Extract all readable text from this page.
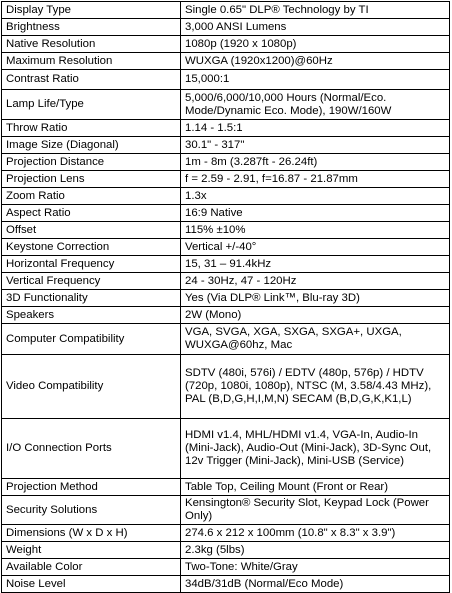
Display Type	Single 0.65" DLP® Technology by TI
Brightness	3,000 ANSI Lumens
Native Resolution	1080p (1920 x 1080p)
Maximum Resolution	WUXGA (1920x1200)@60Hz
Contrast Ratio	15,000:1
Lamp Life/Type	5,000/6,000/10,000 Hours (Normal/Eco. Mode/Dynamic Eco. Mode), 190W/160W
Throw Ratio	1.14 - 1.5:1
Image Size (Diagonal)	30.1" - 317"
Projection Distance	1m - 8m (3.287ft - 26.24ft)
Projection Lens	f = 2.59 - 2.91, f=16.87 - 21.87mm
Zoom Ratio	1.3x
Aspect Ratio	16:9 Native
Offset	115% ±10%
Keystone Correction	Vertical +/-40°
Horizontal Frequency	15, 31 – 91.4kHz
Vertical Frequency	24 - 30Hz, 47 - 120Hz
3D Functionality	Yes (Via DLP® Link™, Blu-ray 3D)
Speakers	2W (Mono)
Computer Compatibility	VGA, SVGA, XGA, SXGA, SXGA+, UXGA, WUXGA@60hz, Mac
Video Compatibility	SDTV (480i, 576i) / EDTV (480p, 576p) / HDTV (720p, 1080i, 1080p), NTSC (M, 3.58/4.43 MHz), PAL (B,D,G,H,I,M,N) SECAM (B,D,G,K,K1,L)
I/O Connection Ports	HDMI v1.4, MHL/HDMI v1.4, VGA-In, Audio-In (Mini-Jack), Audio-Out (Mini-Jack), 3D-Sync Out, 12v Trigger (Mini-Jack), Mini-USB (Service)
Projection Method	Table Top, Ceiling Mount (Front or Rear)
Security Solutions	Kensington® Security Slot, Keypad Lock (Power Only)
Dimensions (W x D x H)	274.6 x 212 x 100mm (10.8" x 8.3" x 3.9")
Weight	2.3kg (5lbs)
Available Color	Two-Tone: White/Gray
Noise Level	34dB/31dB (Normal/Eco Mode)
